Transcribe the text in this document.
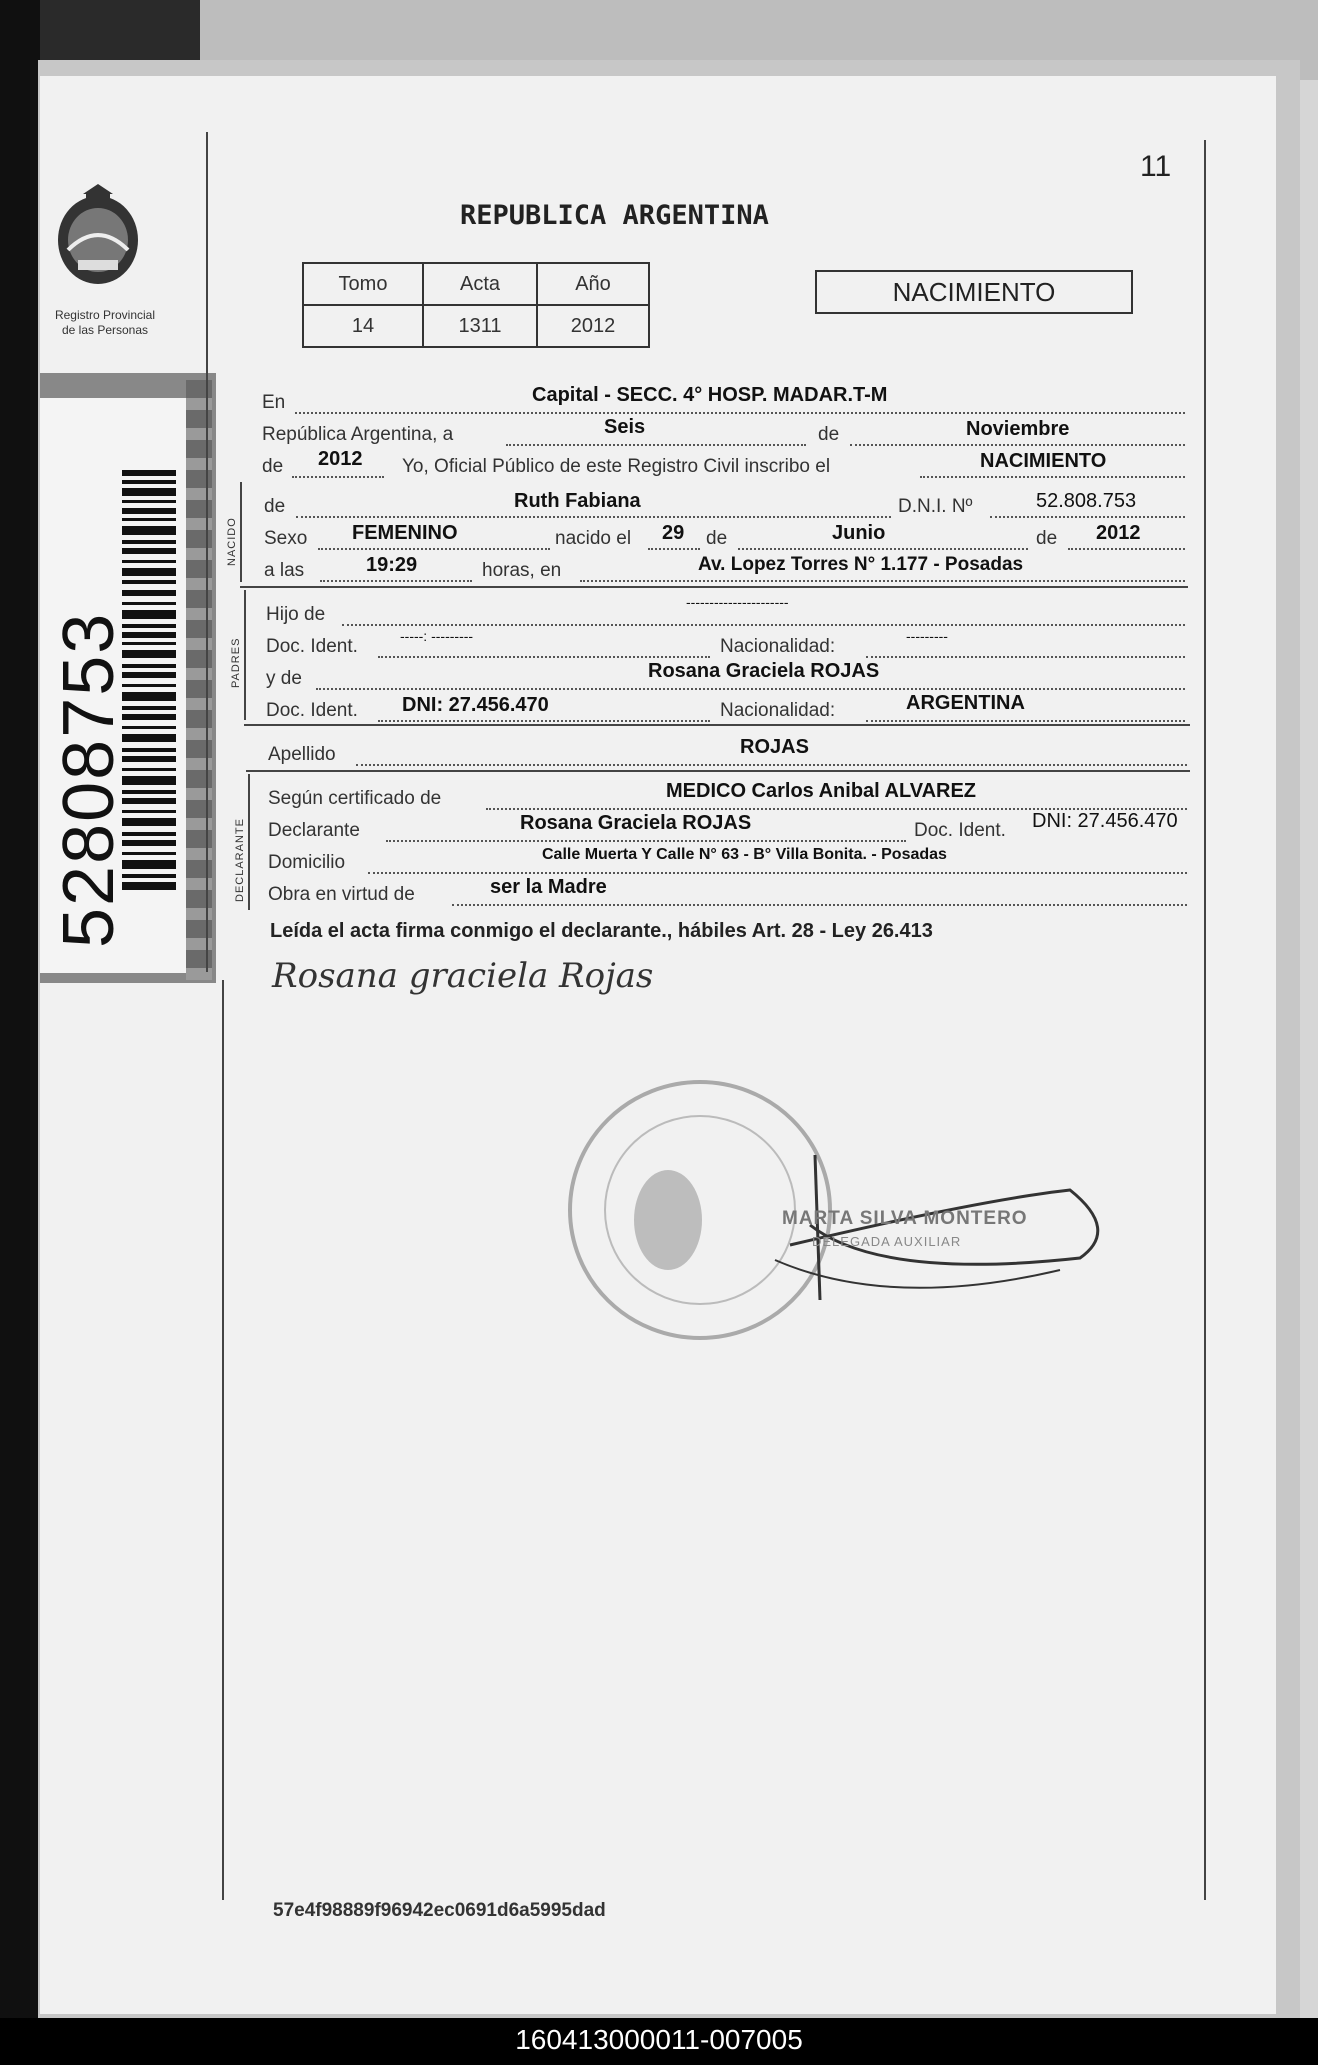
Registro Provincial
de las Personas
52808753
11
REPUBLICA ARGENTINA
Tomo	Acta	Año
14	1311	2012
NACIMIENTO
En	Capital - SECC. 4° HOSP. MADAR.T-M
República Argentina, a	Seis	de	Noviembre
de 2012 Yo, Oficial Público de este Registro Civil inscribo el	NACIMIENTO
NACIDO
de	Ruth Fabiana	D.N.I. Nº	52.808.753
Sexo FEMENINO	nacido el 29 de	Junio	de 2012
a las	19:29	horas, en	Av. Lopez Torres N° 1.177 - Posadas
PADRES
Hijo de
----------------------
Doc. Ident.	-----: ---------	Nacionalidad:	---------
y de	Rosana Graciela ROJAS
Doc. Ident. DNI: 27.456.470	Nacionalidad:	ARGENTINA
Apellido	ROJAS
DECLARANTE
Según certificado de	MEDICO Carlos Anibal ALVAREZ
Declarante	Rosana Graciela ROJAS	Doc. Ident. DNI: 27.456.470
Domicilio	Calle Muerta Y Calle N° 63 - B° Villa Bonita. - Posadas
Obra en virtud de	ser la Madre
Leída el acta firma conmigo el declarante., hábiles Art. 28 - Ley 26.413
Rosana graciela Rojas
MARTA SILVA MONTERO
DELEGADA AUXILIAR
57e4f98889f96942ec0691d6a5995dad
160413000011-007005
